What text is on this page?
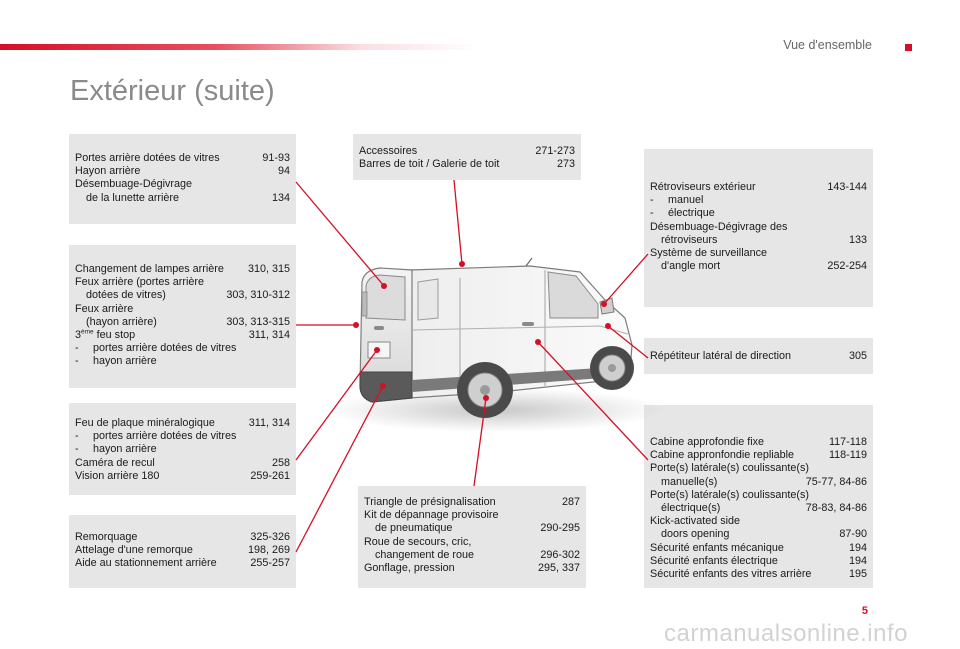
Vue d'ensemble
Extérieur (suite)
Portes arrière dotées de vitres	91-93
Hayon arrière	94
Désembuage-Dégivrage
de la lunette arrière	134
Changement de lampes arrière	310, 315
Feux arrière (portes arrière
dotées de vitres)	303, 310-312
Feux arrière
(hayon arrière)	303, 313-315
3ème feu stop	311, 314
-	portes arrière dotées de vitres
-	hayon arrière
Feu de plaque minéralogique	311, 314
-	portes arrière dotées de vitres
-	hayon arrière
Caméra de recul	258
Vision arrière 180	259-261
Remorquage	325-326
Attelage d'une remorque	198, 269
Aide au stationnement arrière	255-257
Accessoires	271-273
Barres de toit / Galerie de toit	273
Triangle de présignalisation	287
Kit de dépannage provisoire
de pneumatique	290-295
Roue de secours, cric,
changement de roue	296-302
Gonflage, pression	295, 337
Rétroviseurs extérieur	143-144
-	manuel
-	électrique
Désembuage-Dégivrage des
rétroviseurs	133
Système de surveillance
d'angle mort	252-254
Répétiteur latéral de direction	305
Cabine approfondie fixe	117-118
Cabine appronfondie repliable	118-119
Porte(s) latérale(s) coulissante(s)
manuelle(s)	75-77, 84-86
Porte(s) latérale(s) coulissante(s)
électrique(s)	78-83, 84-86
Kick-activated side
doors opening	87-90
Sécurité enfants mécanique	194
Sécurité enfants électrique	194
Sécurité enfants des vitres arrière	195
5
carmanualsonline.info
